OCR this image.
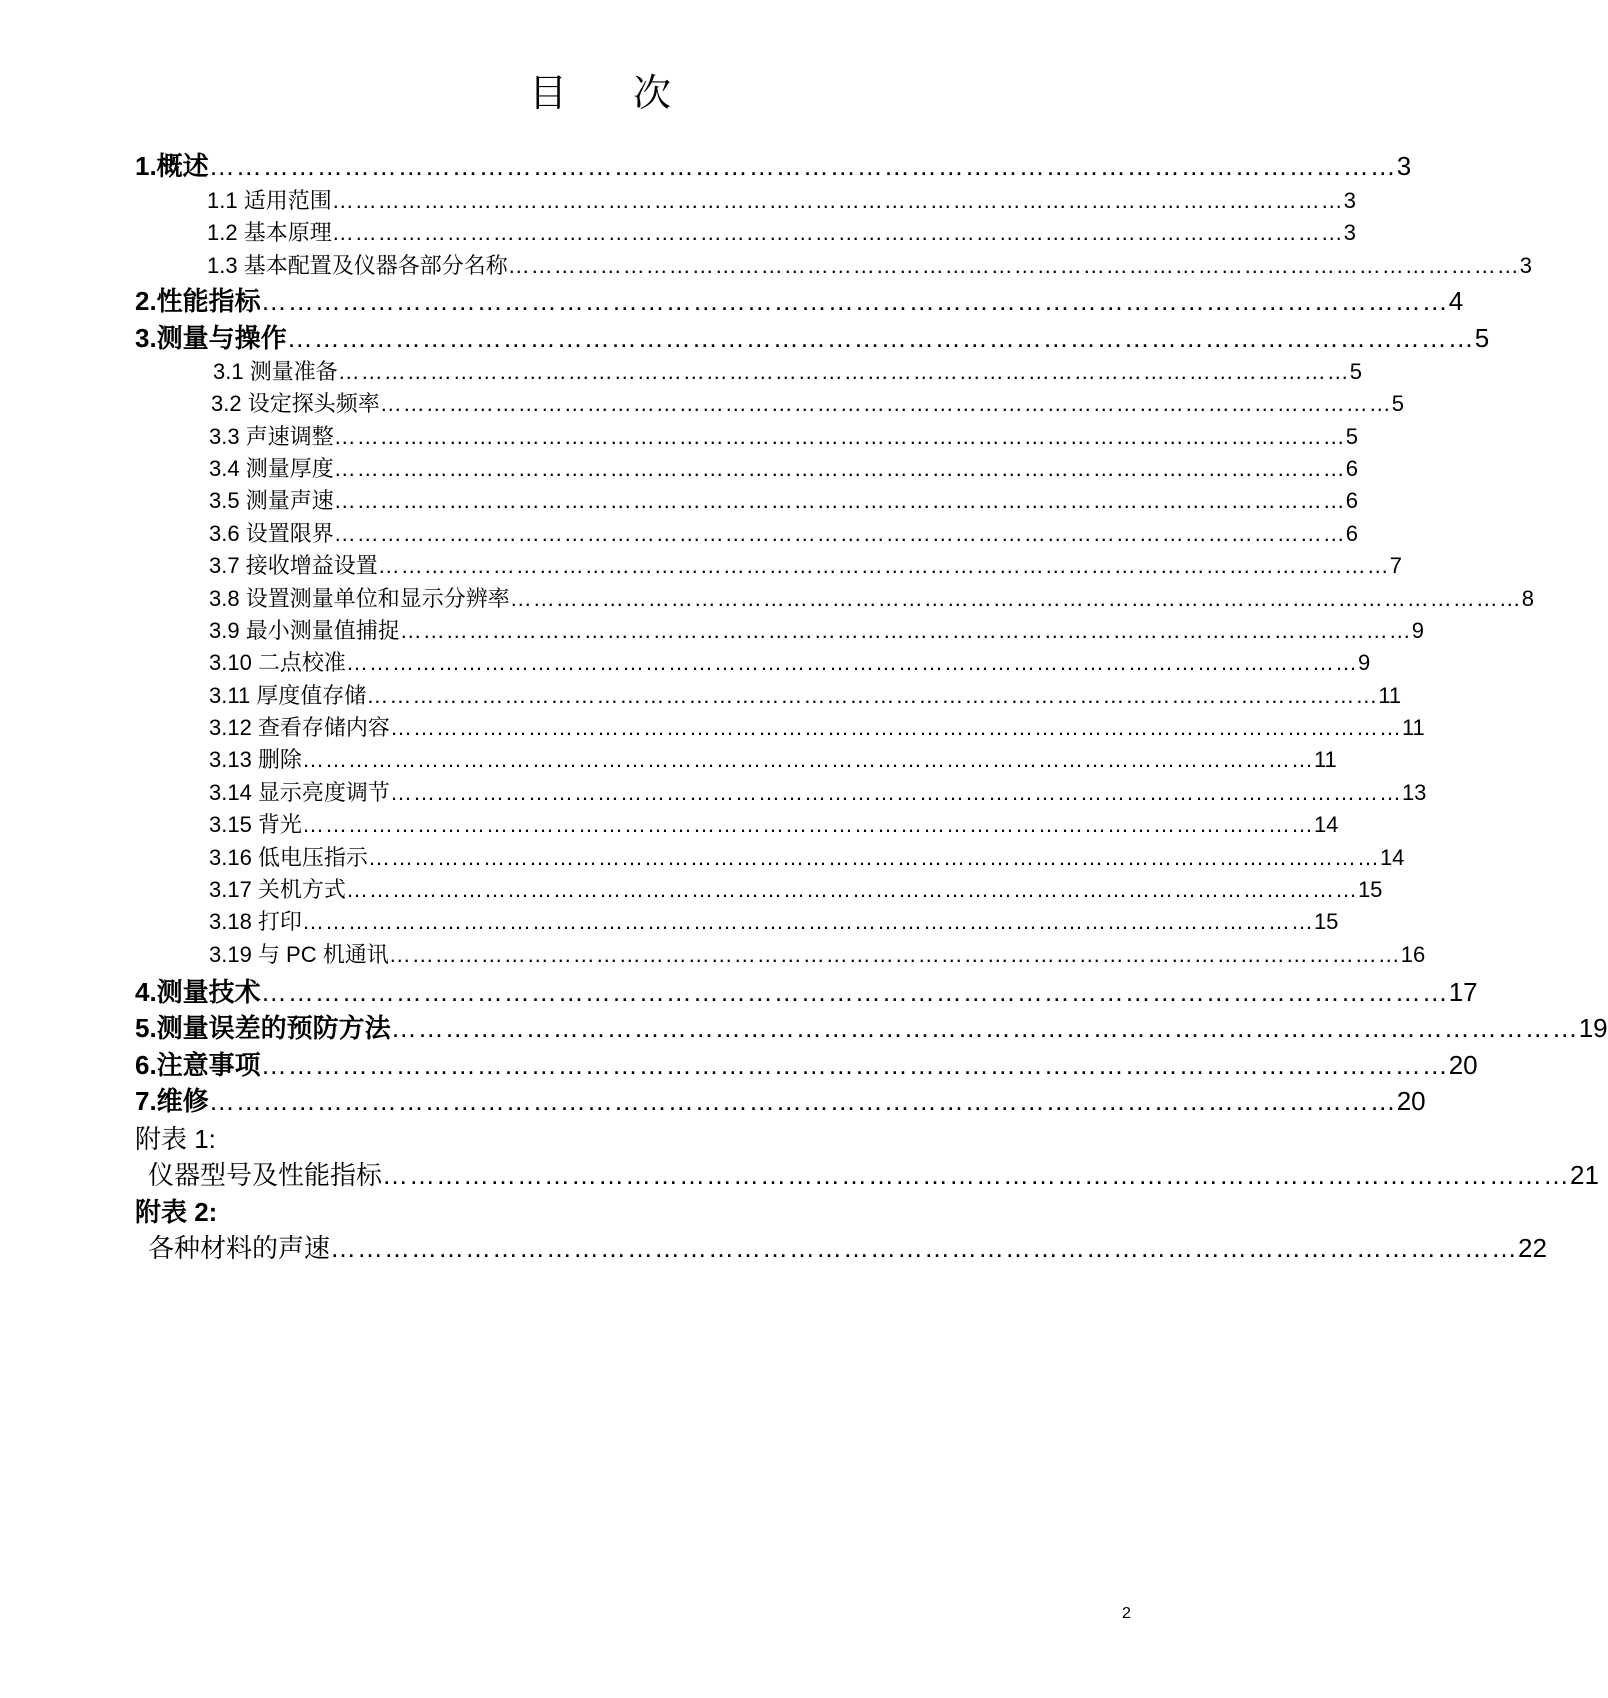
目 次
1.概述 …………………………………………………………………………………………………………………… 3
1.1 适用范围 …………………………………………………………………………………………………………………… 3
1.2 基本原理 …………………………………………………………………………………………………………………… 3
1.3 基本配置及仪器各部分名称 …………………………………………………………………………………………………………………… 3
2.性能指标 …………………………………………………………………………………………………………………… 4
3.测量与操作 …………………………………………………………………………………………………………………… 5
3.1 测量准备 …………………………………………………………………………………………………………………… 5
3.2 设定探头频率 …………………………………………………………………………………………………………………… 5
3.3 声速调整 …………………………………………………………………………………………………………………… 5
3.4 测量厚度 …………………………………………………………………………………………………………………… 6
3.5 测量声速 …………………………………………………………………………………………………………………… 6
3.6 设置限界 …………………………………………………………………………………………………………………… 6
3.7 接收增益设置 …………………………………………………………………………………………………………………… 7
3.8 设置测量单位和显示分辨率 …………………………………………………………………………………………………………………… 8
3.9 最小测量值捕捉 …………………………………………………………………………………………………………………… 9
3.10 二点校准 …………………………………………………………………………………………………………………… 9
3.11 厚度值存储 …………………………………………………………………………………………………………………… 11
3.12 查看存储内容 …………………………………………………………………………………………………………………… 11
3.13 删除 …………………………………………………………………………………………………………………… 11
3.14 显示亮度调节 …………………………………………………………………………………………………………………… 13
3.15 背光 …………………………………………………………………………………………………………………… 14
3.16 低电压指示 …………………………………………………………………………………………………………………… 14
3.17 关机方式 …………………………………………………………………………………………………………………… 15
3.18 打印 …………………………………………………………………………………………………………………… 15
3.19 与 PC 机通讯 …………………………………………………………………………………………………………………… 16
4.测量技术 …………………………………………………………………………………………………………………… 17
5.测量误差的预防方法 …………………………………………………………………………………………………………………… 19
6.注意事项 …………………………………………………………………………………………………………………… 20
7.维修 …………………………………………………………………………………………………………………… 20
附表 1:
仪器型号及性能指标 …………………………………………………………………………………………………………………… 21
附表 2:
各种材料的声速 …………………………………………………………………………………………………………………… 22
2
